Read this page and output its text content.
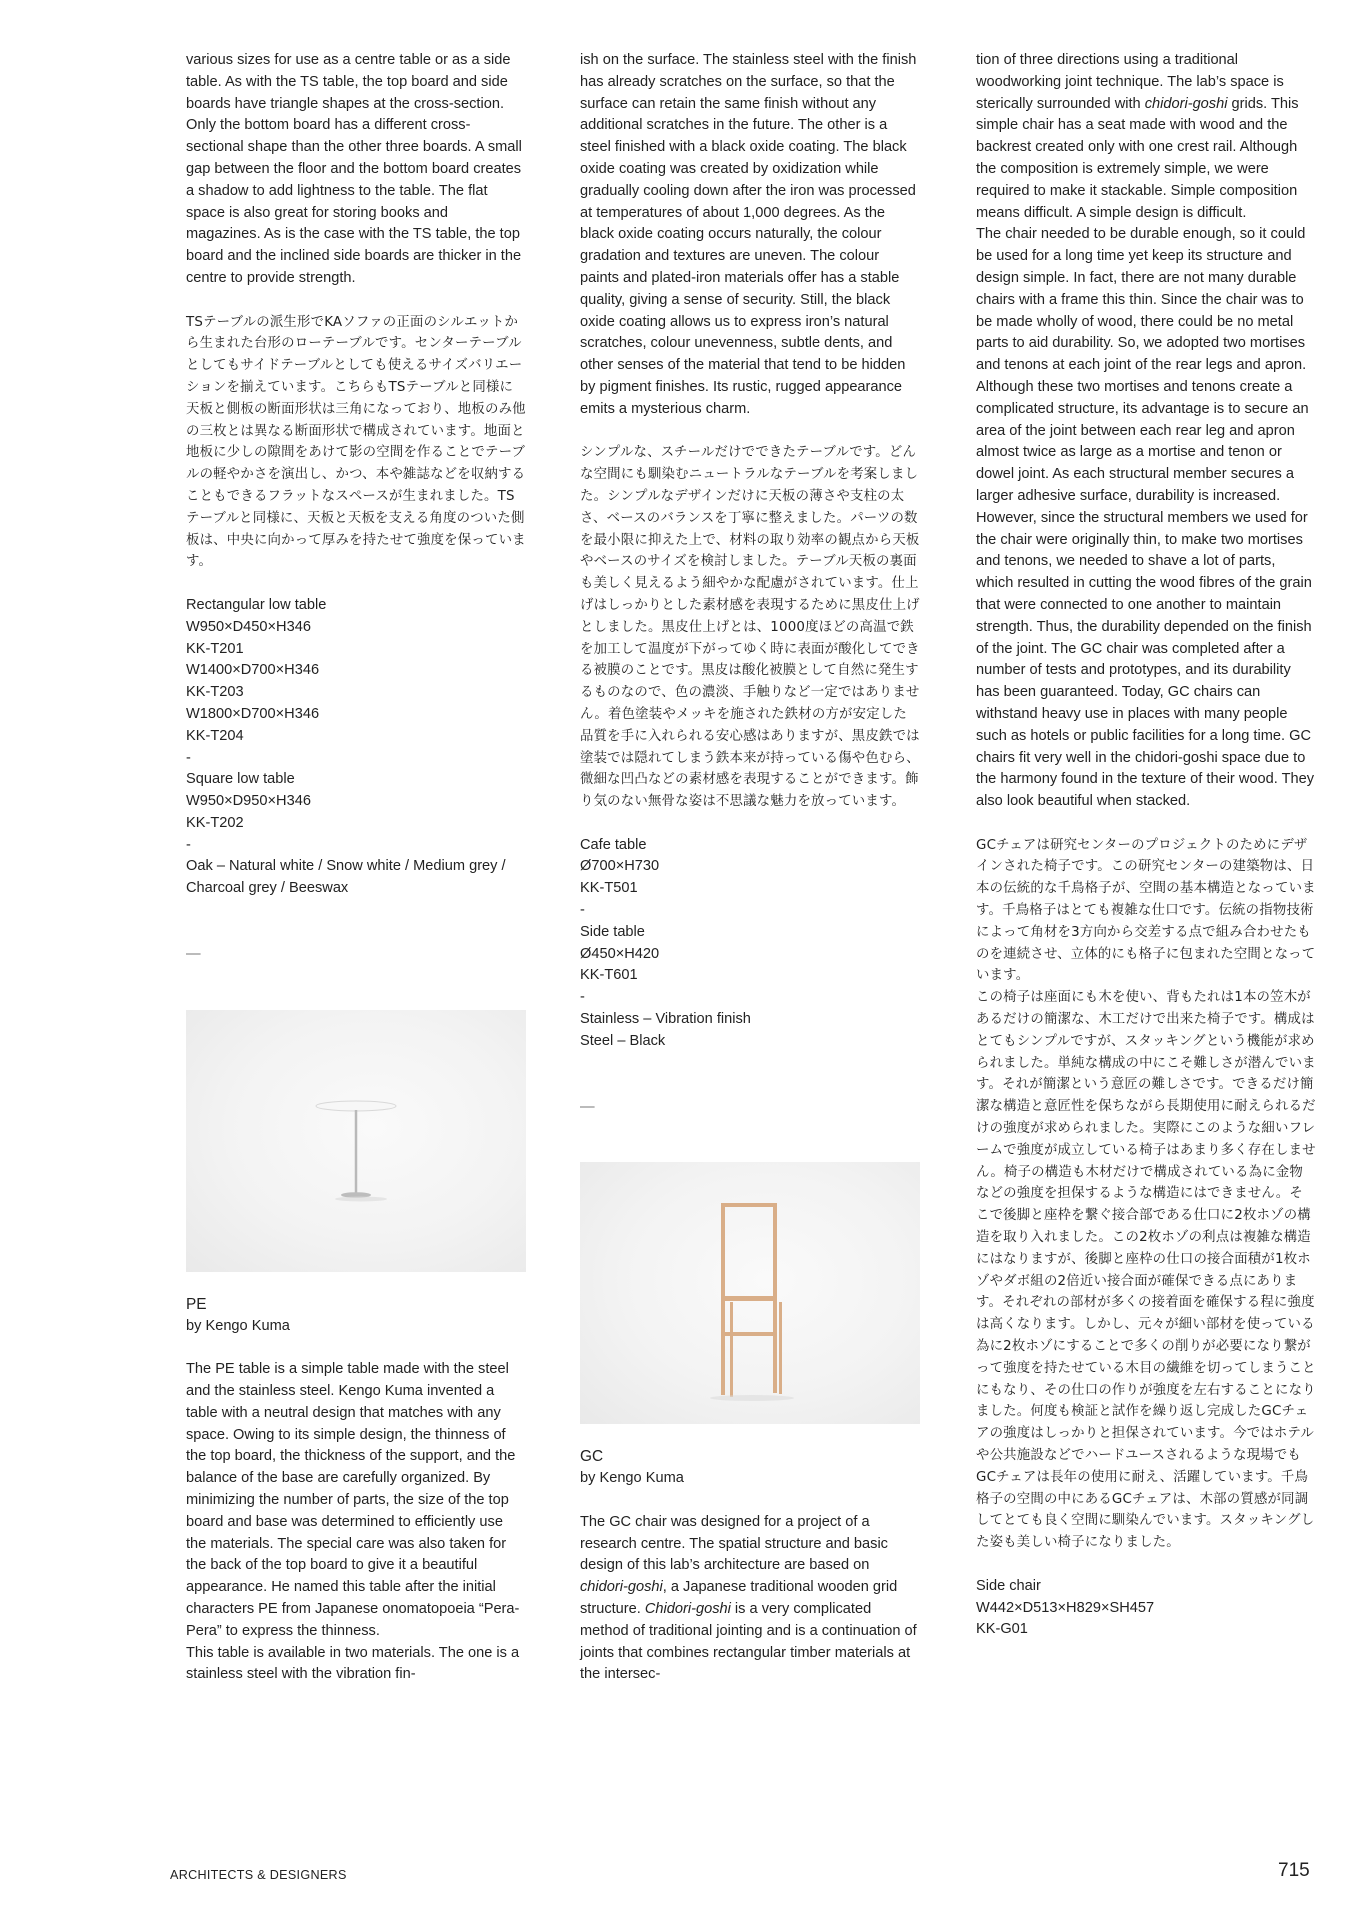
various sizes for use as a centre table or as a side table. As with the TS table, the top board and side boards have triangle shapes at the cross-section. Only the bottom board has a different cross-sectional shape than the other three boards. A small gap between the floor and the bottom board creates a shadow to add lightness to the table. The flat space is also great for storing books and magazines. As is the case with the TS table, the top board and the inclined side boards are thicker in the centre to provide strength.

TSテーブルの派生形でKAソファの正面のシルエットから生まれた台形のローテーブルです。センターテーブルとしてもサイドテーブルとしても使えるサイズバリエーションを揃えています。こちらもTSテーブルと同様に天板と側板の断面形状は三角になっており、地板のみ他の三枚とは異なる断面形状で構成されています。地面と地板に少しの隙間をあけて影の空間を作ることでテーブルの軽やかさを演出し、かつ、本や雑誌などを収納することもできるフラットなスペースが生まれました。TSテーブルと同様に、天板と天板を支える角度のついた側板は、中央に向かって厚みを持たせて強度を保っています。

Rectangular low table
W950×D450×H346
KK-T201
W1400×D700×H346
KK-T203
W1800×D700×H346
KK-T204
-
Square low table
W950×D950×H346
KK-T202
-
Oak – Natural white / Snow white / Medium grey / Charcoal grey / Beeswax
—
PE
by Kengo Kuma

The PE table is a simple table made with the steel and the stainless steel. Kengo Kuma invented a table with a neutral design that matches with any space. Owing to its simple design, the thinness of the top board, the thickness of the support, and the balance of the base are carefully organized. By minimizing the number of parts, the size of the top board and base was determined to efficiently use the materials. The special care was also taken for the back of the top board to give it a beautiful appearance. He named this table after the initial characters PE from Japanese onomatopoeia “Pera-Pera” to express the thinness.

This table is available in two materials. The one is a stainless steel with the vibration fin-

ish on the surface. The stainless steel with the finish has already scratches on the surface, so that the surface can retain the same finish without any additional scratches in the future. The other is a steel finished with a black oxide coating. The black oxide coating was created by oxidization while gradually cooling down after the iron was processed at temperatures of about 1,000 degrees. As the black oxide coating occurs naturally, the colour gradation and textures are uneven. The colour paints and plated-iron materials offer has a stable quality, giving a sense of security. Still, the black oxide coating allows us to express iron’s natural scratches, colour unevenness, subtle dents, and other senses of the material that tend to be hidden by pigment finishes. Its rustic, rugged appearance emits a mysterious charm.

シンプルな、スチールだけでできたテーブルです。どんな空間にも馴染むニュートラルなテーブルを考案しました。シンプルなデザインだけに天板の薄さや支柱の太さ、ベースのバランスを丁寧に整えました。パーツの数を最小限に抑えた上で、材料の取り効率の観点から天板やベースのサイズを検討しました。テーブル天板の裏面も美しく見えるよう細やかな配慮がされています。仕上げはしっかりとした素材感を表現するために黒皮仕上げとしました。黒皮仕上げとは、1000度ほどの高温で鉄を加工して温度が下がってゆく時に表面が酸化してできる被膜のことです。黒皮は酸化被膜として自然に発生するものなので、色の濃淡、手触りなど一定ではありません。着色塗装やメッキを施された鉄材の方が安定した品質を手に入れられる安心感はありますが、黒皮鉄では塗装では隠れてしまう鉄本来が持っている傷や色むら、微細な凹凸などの素材感を表現することができます。飾り気のない無骨な姿は不思議な魅力を放っています。

Cafe table
Ø700×H730
KK-T501
-
Side table
Ø450×H420
KK-T601
-
Stainless – Vibration finish
Steel – Black
—
GC
by Kengo Kuma

The GC chair was designed for a project of a research centre. The spatial structure and basic design of this lab’s architecture are based on chidori-goshi, a Japanese traditional wooden grid structure. Chidori-goshi is a very complicated method of traditional jointing and is a continuation of joints that combines rectangular timber materials at the intersec-

tion of three directions using a traditional woodworking joint technique. The lab’s space is sterically surrounded with chidori-goshi grids. This simple chair has a seat made with wood and the backrest created only with one crest rail. Although the composition is extremely simple, we were required to make it stackable. Simple composition means difficult. A simple design is difficult.

The chair needed to be durable enough, so it could be used for a long time yet keep its structure and design simple. In fact, there are not many durable chairs with a frame this thin. Since the chair was to be made wholly of wood, there could be no metal parts to aid durability. So, we adopted two mortises and tenons at each joint of the rear legs and apron. Although these two mortises and tenons create a complicated structure, its advantage is to secure an area of the joint between each rear leg and apron almost twice as large as a mortise and tenon or dowel joint. As each structural member secures a larger adhesive surface, durability is increased. However, since the structural members we used for the chair were originally thin, to make two mortises and tenons, we needed to shave a lot of parts, which resulted in cutting the wood fibres of the grain that were connected to one another to maintain strength. Thus, the durability depended on the finish of the joint. The GC chair was completed after a number of tests and prototypes, and its durability has been guaranteed. Today, GC chairs can withstand heavy use in places with many people such as hotels or public facilities for a long time. GC chairs fit very well in the chidori-goshi space due to the harmony found in the texture of their wood. They also look beautiful when stacked.

GCチェアは研究センターのプロジェクトのためにデザインされた椅子です。この研究センターの建築物は、日本の伝統的な千鳥格子が、空間の基本構造となっています。千鳥格子はとても複雑な仕口です。伝統の指物技術によって角材を3方向から交差する点で組み合わせたものを連続させ、立体的にも格子に包まれた空間となっています。

この椅子は座面にも木を使い、背もたれは1本の笠木があるだけの簡潔な、木工だけで出来た椅子です。構成はとてもシンプルですが、スタッキングという機能が求められました。単純な構成の中にこそ難しさが潜んでいます。それが簡潔という意匠の難しさです。できるだけ簡潔な構造と意匠性を保ちながら長期使用に耐えられるだけの強度が求められました。実際にこのような細いフレームで強度が成立している椅子はあまり多く存在しません。椅子の構造も木材だけで構成されている為に金物などの強度を担保するような構造にはできません。そこで後脚と座枠を繋ぐ接合部である仕口に2枚ホゾの構造を取り入れました。この2枚ホゾの利点は複雑な構造にはなりますが、後脚と座枠の仕口の接合面積が1枚ホゾやダボ組の2倍近い接合面が確保できる点にあります。それぞれの部材が多くの接着面を確保する程に強度は高くなります。しかし、元々が細い部材を使っている為に2枚ホゾにすることで多くの削りが必要になり繋がって強度を持たせている木目の繊維を切ってしまうことにもなり、その仕口の作りが強度を左右することになりました。何度も検証と試作を繰り返し完成したGCチェアの強度はしっかりと担保されています。今ではホテルや公共施設などでハードユースされるような現場でもGCチェアは長年の使用に耐え、活躍しています。千鳥格子の空間の中にあるGCチェアは、木部の質感が同調してとても良く空間に馴染んでいます。スタッキングした姿も美しい椅子になりました。

Side chair
W442×D513×H829×SH457
KK-G01
ARCHITECTS & DESIGNERS	715
